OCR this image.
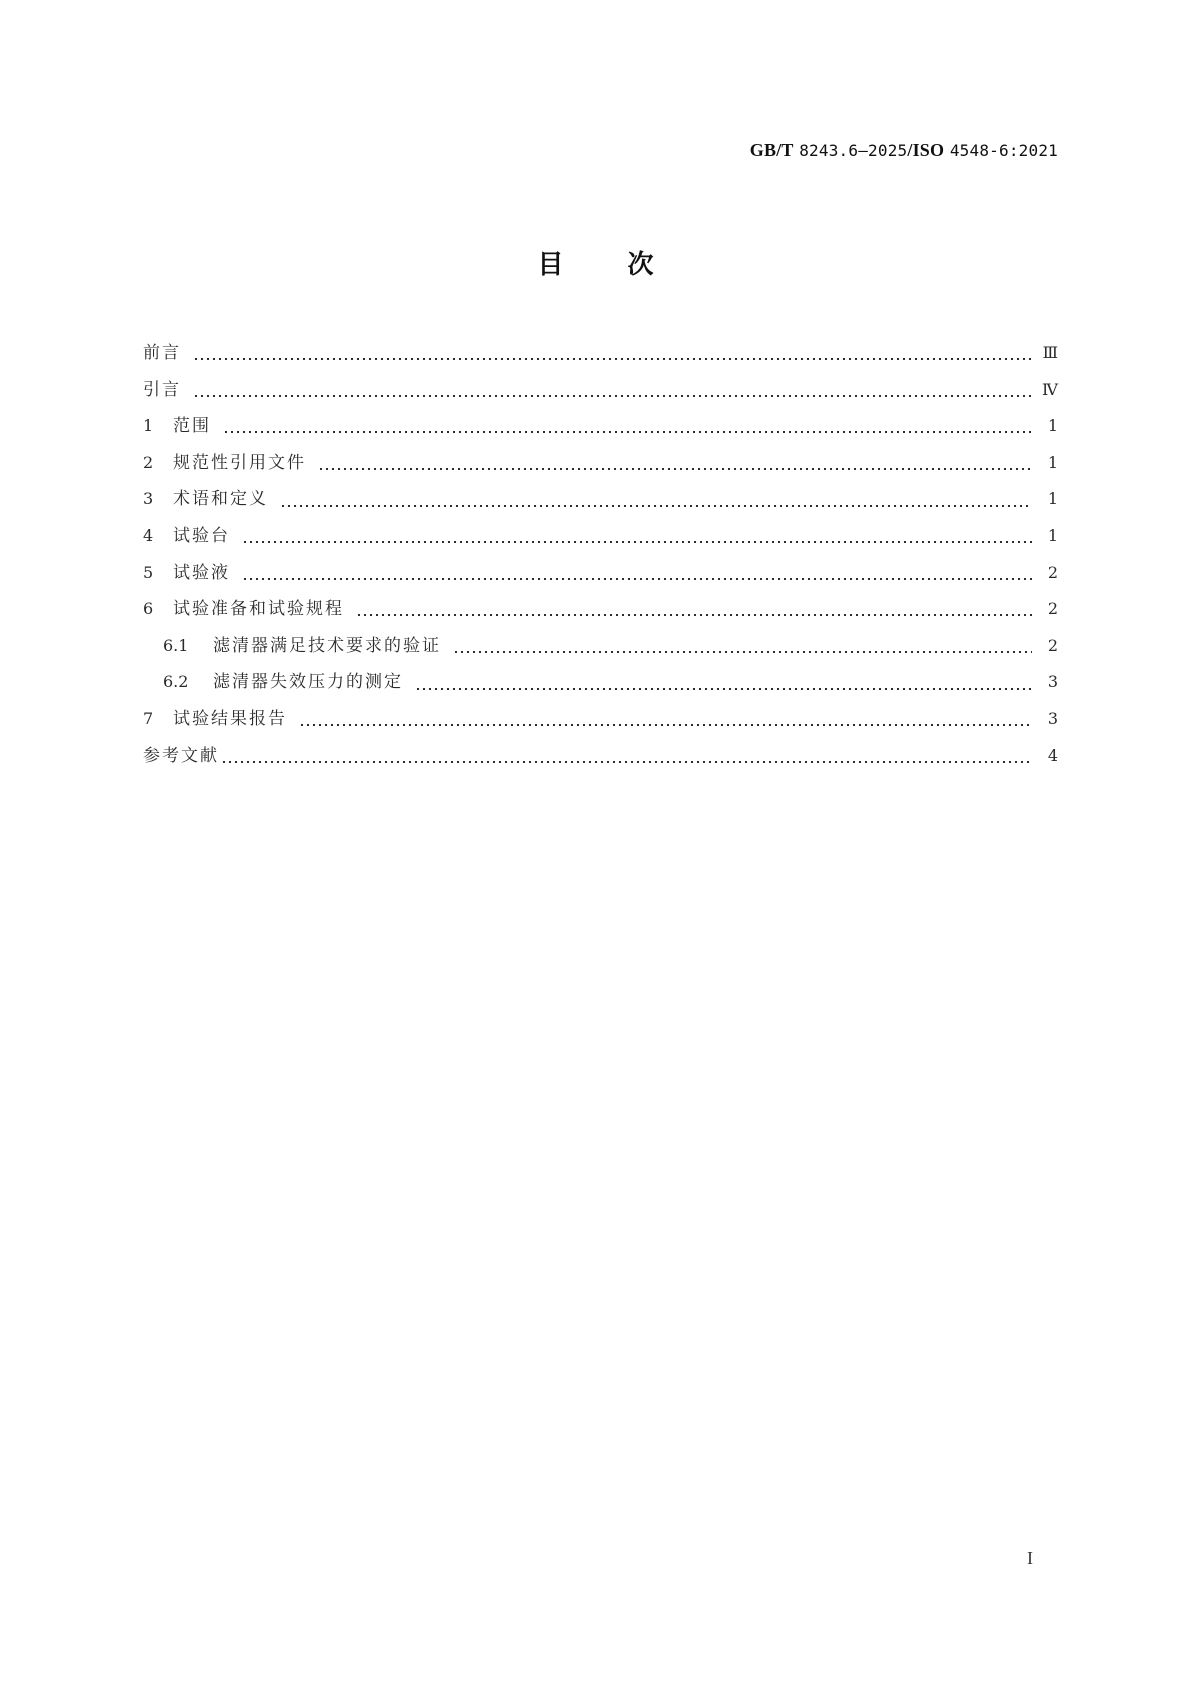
GB/T 8243.6—2025/ISO 4548-6:2021
目 次
前言	Ⅲ
引言	Ⅳ
1	范围	1
2	规范性引用文件	1
3	术语和定义	1
4	试验台	1
5	试验液	2
6	试验准备和试验规程	2
6.1	滤清器满足技术要求的验证	2
6.2	滤清器失效压力的测定	3
7	试验结果报告	3
参考文献	4
I
